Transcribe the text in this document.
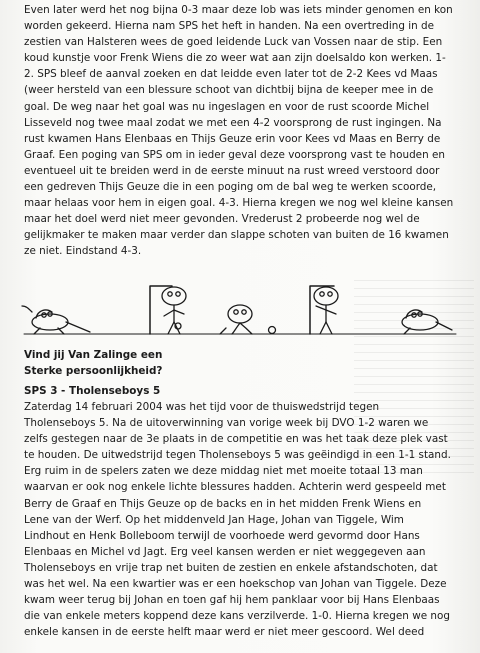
Even later werd het nog bijna 0-3 maar deze lob was iets minder genomen en kon
worden gekeerd. Hierna nam SPS het heft in handen. Na een overtreding in de
zestien van Halsteren wees de goed leidende Luck van Vossen naar de stip. Een
koud kunstje voor Frenk Wiens die zo weer wat aan zijn doelsaldo kon werken. 1-
2. SPS bleef de aanval zoeken en dat leidde even later tot de 2-2 Kees vd Maas
(weer hersteld van een blessure schoot van dichtbij bijna de keeper mee in de
goal. De weg naar het goal was nu ingeslagen en voor de rust scoorde Michel
Lisseveld nog twee maal zodat we met een 4-2 voorsprong de rust ingingen. Na
rust kwamen Hans Elenbaas en Thijs Geuze erin voor Kees vd Maas en Berry de
Graaf. Een poging van SPS om in ieder geval deze voorsprong vast te houden en
eventueel uit te breiden werd in de eerste minuut na rust wreed verstoord door
een gedreven Thijs Geuze die in een poging om de bal weg te werken scoorde,
maar helaas voor hem in eigen goal. 4-3. Hierna kregen we nog wel kleine kansen
maar het doel werd niet meer gevonden. Vrederust 2 probeerde nog wel de
gelijkmaker te maken maar verder dan slappe schoten van buiten de 16 kwamen
ze niet. Eindstand 4-3.

Vind jij Van Zalinge een
Sterke persoonlijkheid?

SPS 3 - Tholenseboys 5

Zaterdag 14 februari 2004 was het tijd voor de thuiswedstrijd tegen
Tholenseboys 5. Na de uitoverwinning van vorige week bij DVO 1-2 waren we
zelfs gestegen naar de 3e plaats in de competitie en was het taak deze plek vast
te houden. De uitwedstrijd tegen Tholenseboys 5 was geëindigd in een 1-1 stand.
Erg ruim in de spelers zaten we deze middag niet met moeite totaal 13 man
waarvan er ook nog enkele lichte blessures hadden. Achterin werd gespeeld met
Berry de Graaf en Thijs Geuze op de backs en in het midden Frenk Wiens en
Lene van der Werf. Op het middenveld Jan Hage, Johan van Tiggele, Wim
Lindhout en Henk Bolleboom terwijl de voorhoede werd gevormd door Hans
Elenbaas en Michel vd Jagt. Erg veel kansen werden er niet weggegeven aan
Tholenseboys en vrije trap net buiten de zestien en enkele afstandschoten, dat
was het wel. Na een kwartier was er een hoekschop van Johan van Tiggele. Deze
kwam weer terug bij Johan en toen gaf hij hem panklaar voor bij Hans Elenbaas
die van enkele meters koppend deze kans verzilverde. 1-0. Hierna kregen we nog
enkele kansen in de eerste helft maar werd er niet meer gescoord. Wel deed
